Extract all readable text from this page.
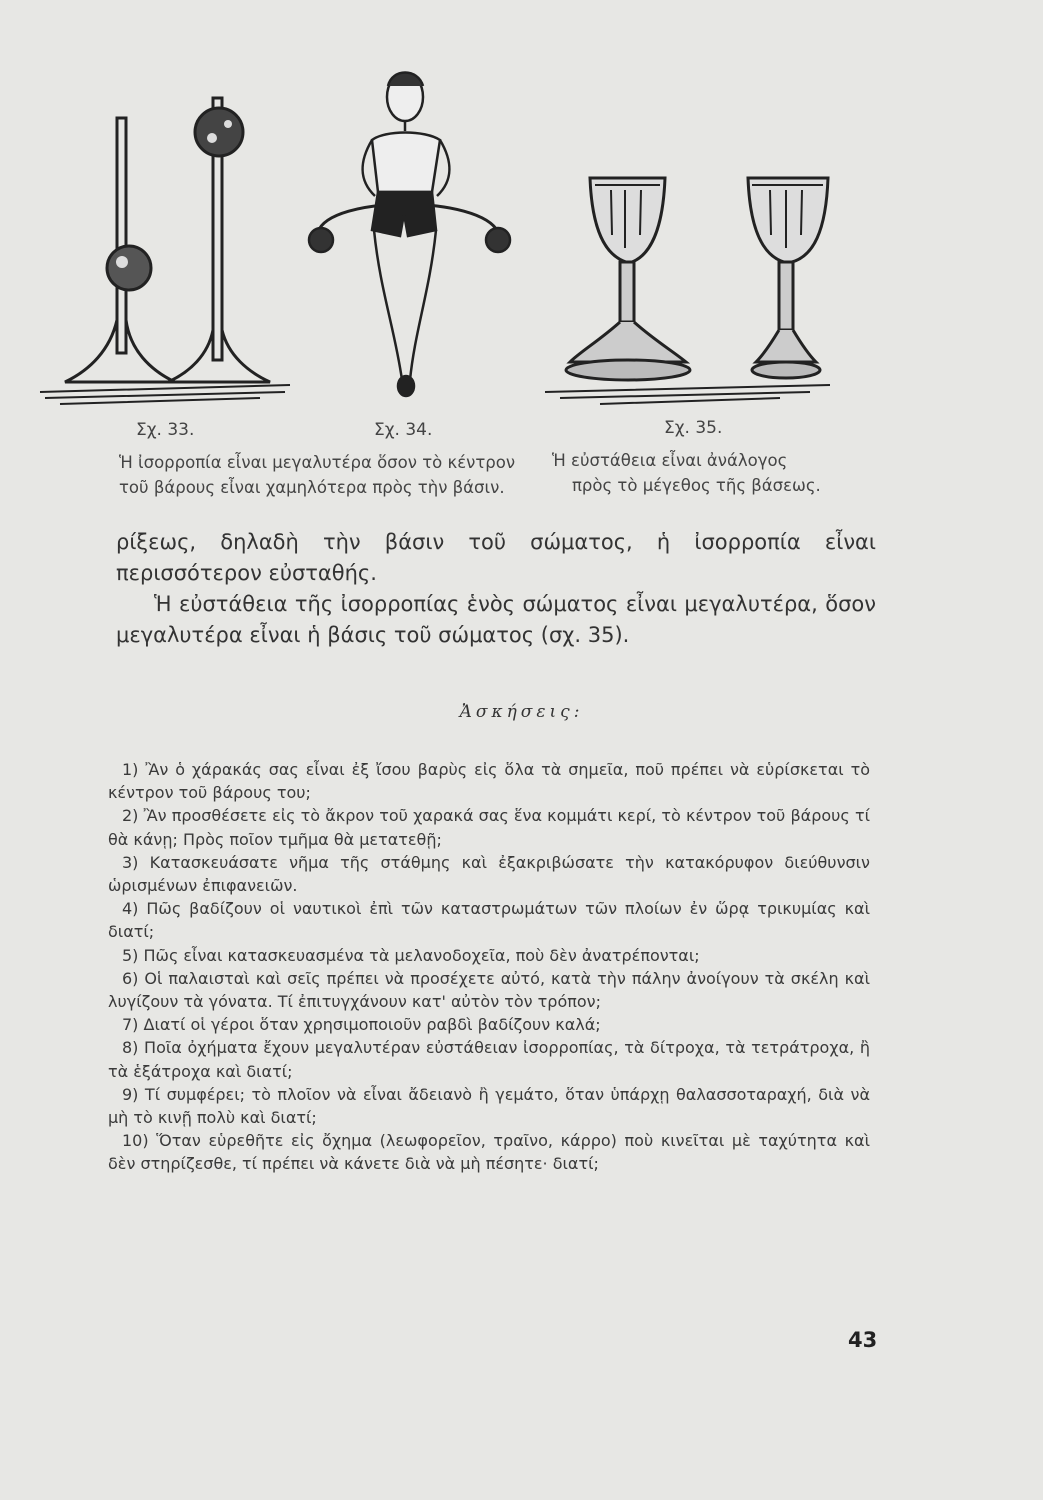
Σχ. 33.	Σχ. 34.	Σχ. 35.
Ἡ ἰσορροπία εἶναι μεγαλυτέρα ὅσον τὸ κέντρον
τοῦ βάρους εἶναι χαμηλότερα πρὸς τὴν βάσιν.
Ἡ εὐστάθεια εἶναι ἀνάλογος
πρὸς τὸ μέγεθος τῆς βάσεως.

ρίξεως, δηλαδὴ τὴν βάσιν τοῦ σώματος, ἡ ἰσορροπία εἶναι περισσότερον εὐσταθής.

Ἡ εὐστάθεια τῆς ἰσορροπίας ἑνὸς σώματος εἶναι μεγαλυτέρα, ὅσον μεγαλυτέρα εἶναι ἡ βάσις τοῦ σώματος (σχ. 35).

Ἀσκήσεις:

1) Ἂν ὁ χάρακάς σας εἶναι ἐξ ἴσου βαρὺς εἰς ὅλα τὰ σημεῖα, ποῦ πρέπει νὰ εὑρίσκεται τὸ κέντρον τοῦ βάρους του;

2) Ἂν προσθέσετε εἰς τὸ ἄκρον τοῦ χαρακά σας ἕνα κομμάτι κερί, τὸ κέντρον τοῦ βάρους τί θὰ κάνῃ; Πρὸς ποῖον τμῆμα θὰ μετατεθῇ;

3) Κατασκευάσατε νῆμα τῆς στάθμης καὶ ἐξακριβώσατε τὴν κατακόρυφον διεύθυνσιν ὡρισμένων ἐπιφανειῶν.

4) Πῶς βαδίζουν οἱ ναυτικοὶ ἐπὶ τῶν καταστρωμάτων τῶν πλοίων ἐν ὥρᾳ τρικυμίας καὶ διατί;

5) Πῶς εἶναι κατασκευασμένα τὰ μελανοδοχεῖα, ποὺ δὲν ἀνατρέπονται;

6) Οἱ παλαισταὶ καὶ σεῖς πρέπει νὰ προσέχετε αὐτό, κατὰ τὴν πάλην ἀνοίγουν τὰ σκέλη καὶ λυγίζουν τὰ γόνατα. Τί ἐπιτυγχάνουν κατ' αὐτὸν τὸν τρόπον;

7) Διατί οἱ γέροι ὅταν χρησιμοποιοῦν ραβδὶ βαδίζουν καλά;

8) Ποῖα ὀχήματα ἔχουν μεγαλυτέραν εὐστάθειαν ἰσορροπίας, τὰ δίτροχα, τὰ τετράτροχα, ἢ τὰ ἑξάτροχα καὶ διατί;

9) Τί συμφέρει; τὸ πλοῖον νὰ εἶναι ἄδειανὸ ἢ γεμάτο, ὅταν ὑπάρχῃ θαλασσοταραχή, διὰ νὰ μὴ τὸ κινῇ πολὺ καὶ διατί;

10) Ὅταν εὑρεθῆτε εἰς ὄχημα (λεωφορεῖον, τραῖνο, κάρρο) ποὺ κινεῖται μὲ ταχύτητα καὶ δὲν στηρίζεσθε, τί πρέπει νὰ κάνετε διὰ νὰ μὴ πέσητε· διατί;

43
